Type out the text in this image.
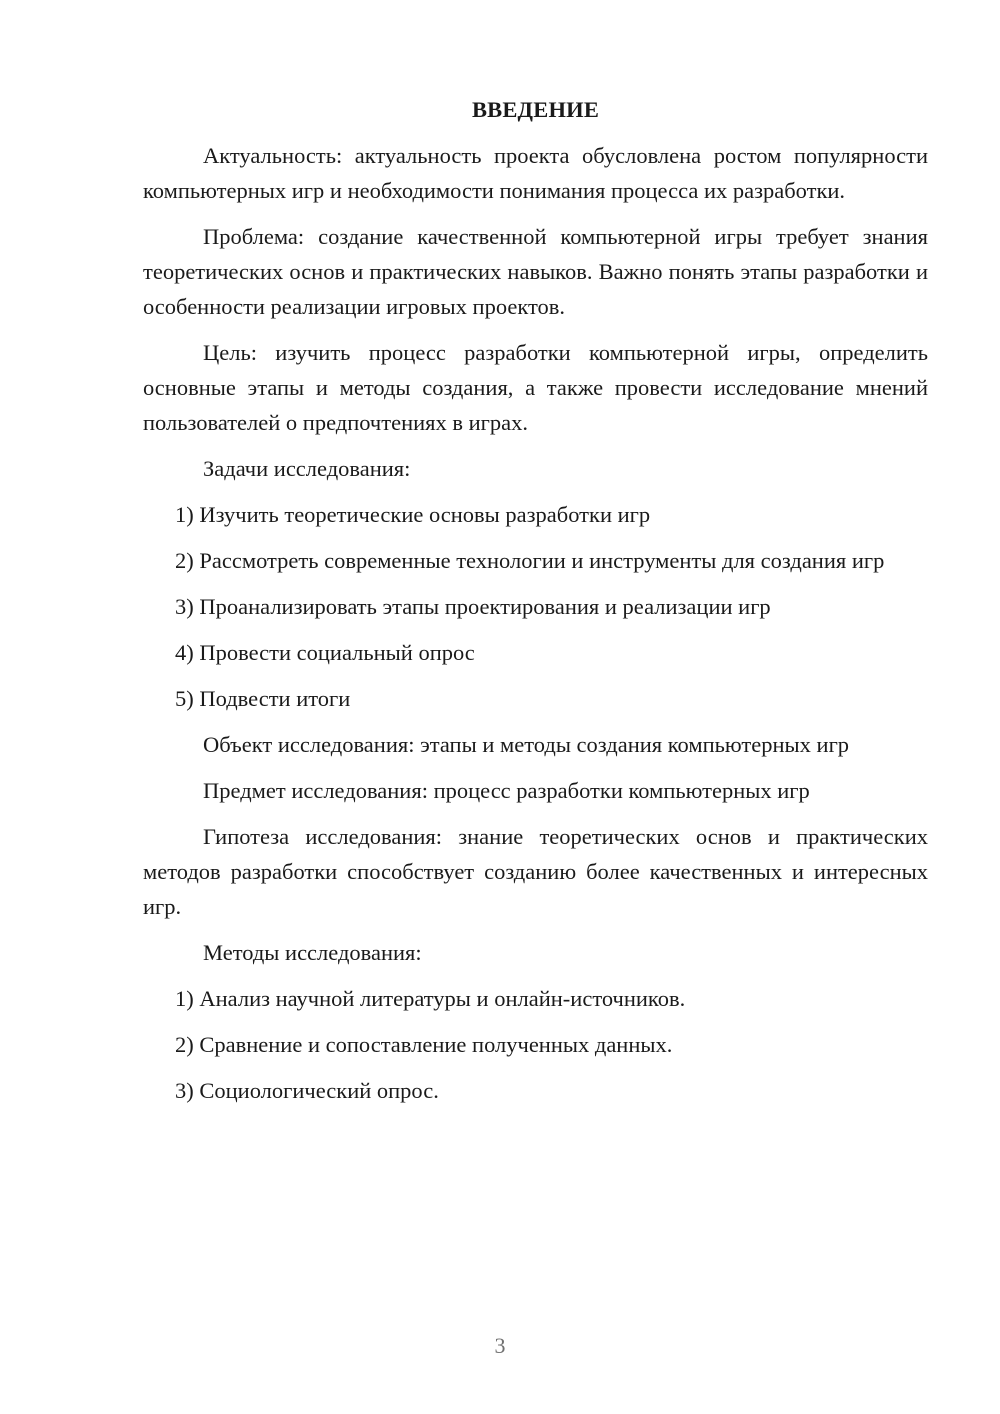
ВВЕДЕНИЕ

Актуальность: актуальность проекта обусловлена ростом популярности компьютерных игр и необходимости понимания процесса их разработки.

Проблема: создание качественной компьютерной игры требует знания теоретических основ и практических навыков. Важно понять этапы разработки и особенности реализации игровых проектов.

Цель: изучить процесс разработки компьютерной игры, определить основные этапы и методы создания, а также провести исследование мнений пользователей о предпочтениях в играх.

Задачи исследования:

1) Изучить теоретические основы разработки игр

2) Рассмотреть современные технологии и инструменты для создания игр

3) Проанализировать этапы проектирования и реализации игр

4) Провести социальный опрос

5) Подвести итоги

Объект исследования: этапы и методы создания компьютерных игр

Предмет исследования: процесс разработки компьютерных игр

Гипотеза исследования: знание теоретических основ и практических методов разработки способствует созданию более качественных и интересных игр.

Методы исследования:

1) Анализ научной литературы и онлайн-источников.

2) Сравнение и сопоставление полученных данных.

3) Социологический опрос.

3
